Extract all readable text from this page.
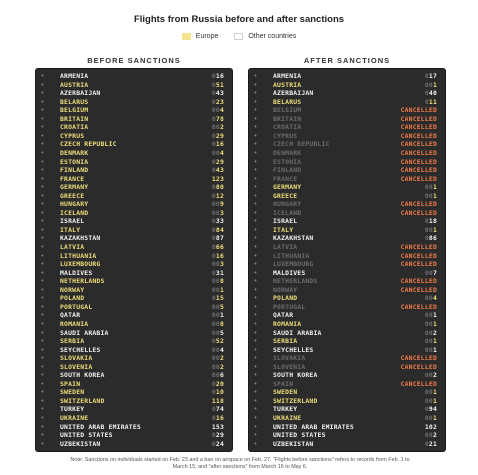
Flights from Russia before and after sanctions
Europe	Other countries
BEFORE SANCTIONS	AFTER SANCTIONS
✈ ARMENIA	016
✈ AUSTRIA	051
✈ AZERBAIJAN	043
✈ BELARUS	023
✈ BELGIUM	004
✈ BRITAIN	078
✈ CROATIA	002
✈ CYPRUS	029
✈ CZECH REPUBLIC	016
✈ DENMARK	004
✈ ESTONIA	029
✈ FINLAND	043
✈ FRANCE	123
✈ GERMANY	080
✈ GREECE	012
✈ HUNGARY	009
✈ ICELAND	003
✈ ISRAEL	033
✈ ITALY	084
✈ KAZAKHSTAN	087
✈ LATVIA	066
✈ LITHUANIA	016
✈ LUXEMBOURG	003
✈ MALDIVES	031
✈ NETHERLANDS	008
✈ NORWAY	001
✈ POLAND	015
✈ PORTUGAL	005
✈ QATAR	001
✈ ROMANIA	008
✈ SAUDI ARABIA	005
✈ SERBIA	052
✈ SEYCHELLES	004
✈ SLOVAKIA	002
✈ SLOVENIA	002
✈ SOUTH KOREA	006
✈ SPAIN	020
✈ SWEDEN	010
✈ SWITZERLAND	118
✈ TURKEY	074
✈ UKRAINE	016
✈ UNITED ARAB EMIRATES	153
✈ UNITED STATES	029
✈ UZBEKISTAN	024
✈ ARMENIA	017
✈ AUSTRIA	001
✈ AZERBAIJAN	040
✈ BELARUS	011
✈ BELGIUM	CANCELLED
✈ BRITAIN	CANCELLED
✈ CROATIA	CANCELLED
✈ CYPRUS	CANCELLED
✈ CZECH REPUBLIC	CANCELLED
✈ DENMARK	CANCELLED
✈ ESTONIA	CANCELLED
✈ FINLAND	CANCELLED
✈ FRANCE	CANCELLED
✈ GERMANY	001
✈ GREECE	001
✈ HUNGARY	CANCELLED
✈ ICELAND	CANCELLED
✈ ISRAEL	018
✈ ITALY	001
✈ KAZAKHSTAN	086
✈ LATVIA	CANCELLED
✈ LITHUANIA	CANCELLED
✈ LUXEMBOURG	CANCELLED
✈ MALDIVES	007
✈ NETHERLANDS	CANCELLED
✈ NORWAY	CANCELLED
✈ POLAND	004
✈ PORTUGAL	CANCELLED
✈ QATAR	001
✈ ROMANIA	001
✈ SAUDI ARABIA	002
✈ SERBIA	001
✈ SEYCHELLES	001
✈ SLOVAKIA	CANCELLED
✈ SLOVENIA	CANCELLED
✈ SOUTH KOREA	002
✈ SPAIN	CANCELLED
✈ SWEDEN	001
✈ SWITZERLAND	001
✈ TURKEY	094
✈ UKRAINE	001
✈ UNITED ARAB EMIRATES	102
✈ UNITED STATES	002
✈ UZBEKISTAN	021
Note: Sanctions on individuals started on Feb. 23 and a ban on airspace on Feb. 27. "Flights before sanctions" refers to records from Feb. 1 to March 15, and "after sanctions" from March 16 to May 6.
